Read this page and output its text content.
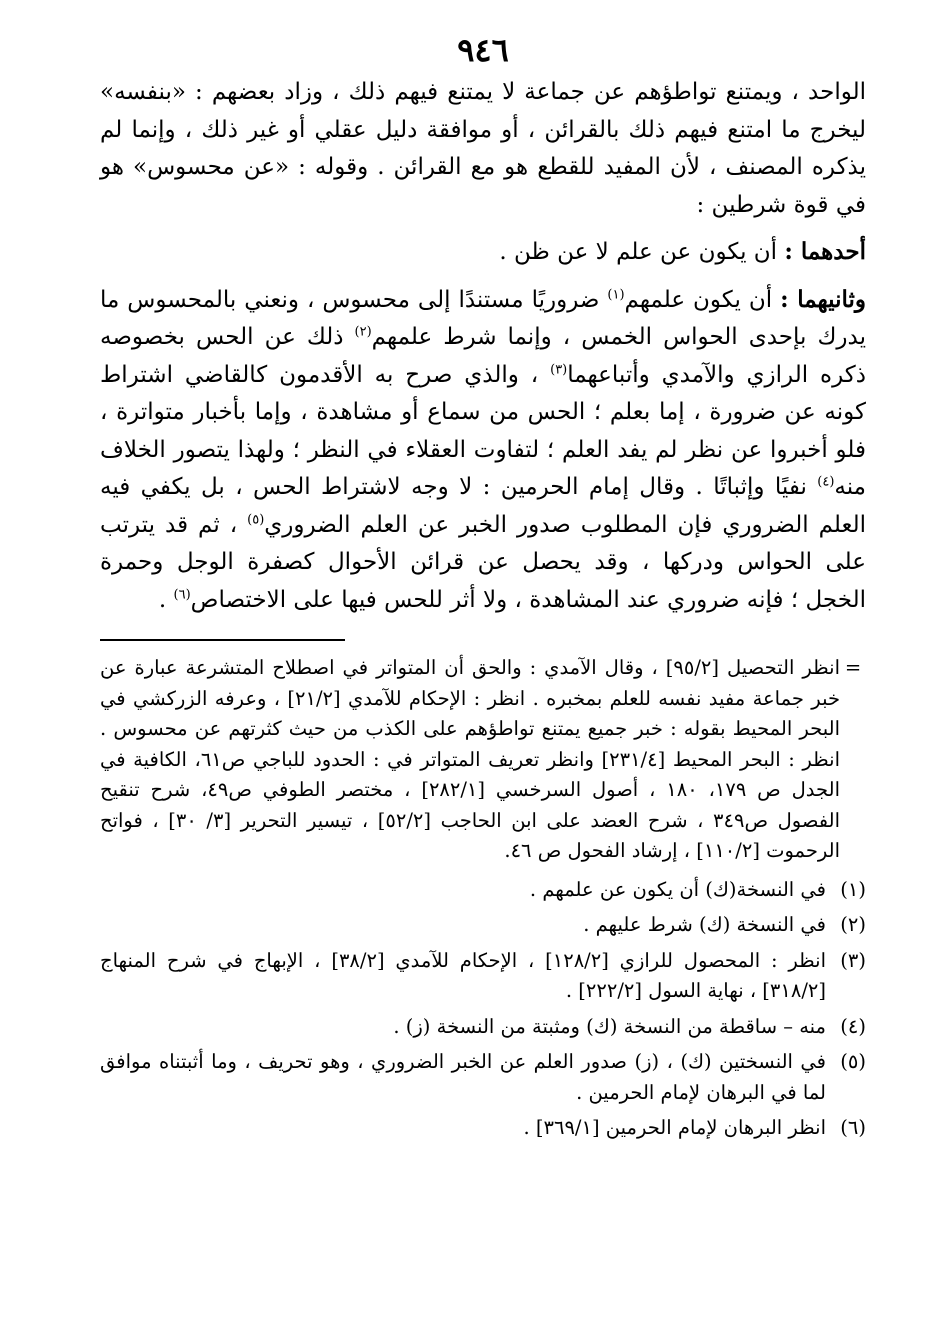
٩٤٦

الواحد ، ويمتنع تواطؤهم عن جماعة لا يمتنع فيهم ذلك ، وزاد بعضهم : «بنفسه» ليخرج ما امتنع فيهم ذلك بالقرائن ، أو موافقة دليل عقلي أو غير ذلك ، وإنما لم يذكره المصنف ، لأن المفيد للقطع هو مع القرائن . وقوله : «عن محسوس» هو في قوة شرطين :

أحدهما : أن يكون عن علم لا عن ظن .

وثانيهما : أن يكون علمهم$^{(١)}$ ضروريًا مستندًا إلى محسوس ، ونعني بالمحسوس ما يدرك بإحدى الحواس الخمس ، وإنما شرط علمهم$^{(٢)}$ ذلك عن الحس بخصوصه ذكره الرازي والآمدي وأتباعهما$^{(٣)}$ ، والذي صرح به الأقدمون كالقاضي اشتراط كونه عن ضرورة ، إما بعلم ؛ الحس من سماع أو مشاهدة ، وإما بأخبار متواترة ، فلو أخبروا عن نظر لم يفد العلم ؛ لتفاوت العقلاء في النظر ؛ ولهذا يتصور الخلاف منه$^{(٤)}$ نفيًا وإثباتًا . وقال إمام الحرمين : لا وجه لاشتراط الحس ، بل يكفي فيه العلم الضروري فإن المطلوب صدور الخبر عن العلم الضروري$^{(٥)}$ ، ثم قد يترتب على الحواس ودركها ، وقد يحصل عن قرائن الأحوال كصفرة الوجل وحمرة الخجل ؛ فإنه ضروري عند المشاهدة ، ولا أثر للحس فيها على الاختصاص$^{(٦)}$ .

=
انظر التحصيل [٩٥/٢] ، وقال الآمدي : والحق أن المتواتر في اصطلاح المتشرعة عبارة عن خبر جماعة مفيد نفسه للعلم بمخبره . انظر : الإحكام للآمدي [٢١/٢] ، وعرفه الزركشي في البحر المحيط بقوله : خبر جميع يمتنع تواطؤهم على الكذب من حيث كثرتهم عن محسوس . انظر : البحر المحيط [٢٣١/٤] وانظر تعريف المتواتر في : الحدود للباجي ص٦١، الكافية في الجدل ص ١٧٩، ١٨٠ ، أصول السرخسي [٢٨٢/١] ، مختصر الطوفي ص٤٩، شرح تنقيح الفصول ص٣٤٩ ، شرح العضد على ابن الحاجب [٥٢/٢] ، تيسير التحرير [٣/ ٣٠] ، فواتح الرحموت [١١٠/٢] ، إرشاد الفحول ص ٤٦.
(١)
في النسخة(ك) أن يكون عن علمهم .
(٢)
في النسخة (ك) شرط عليهم .
(٣)
انظر : المحصول للرازي [١٢٨/٢] ، الإحكام للآمدي [٣٨/٢] ، الإبهاج في شرح المنهاج [٣١٨/٢] ، نهاية السول [٢٢٢/٢] .
(٤)
منه – ساقطة من النسخة (ك) ومثبتة من النسخة (ز) .
(٥)
في النسختين (ك) ، (ز) صدور العلم عن الخبر الضروري ، وهو تحريف ، وما أثبتناه موافق لما في البرهان لإمام الحرمين .
(٦)
انظر البرهان لإمام الحرمين [٣٦٩/١] .
